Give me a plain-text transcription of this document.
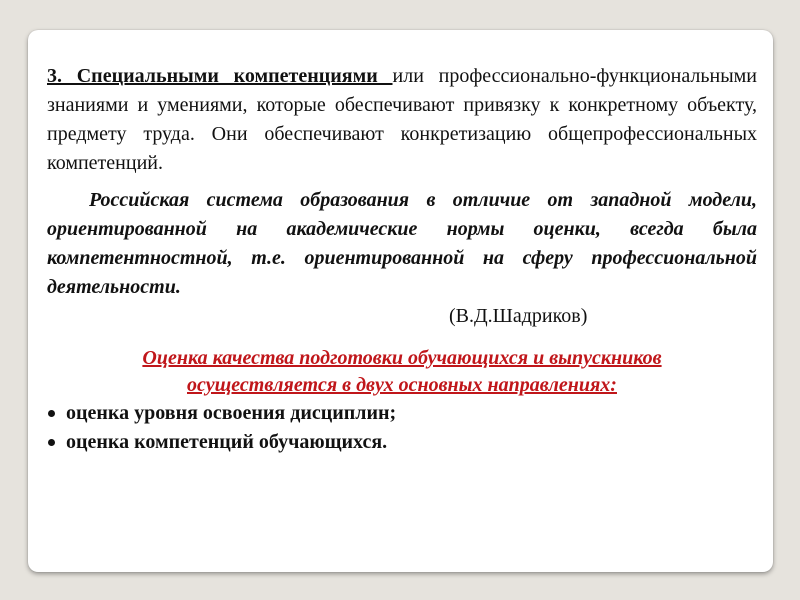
3. Специальными компетенциями или профессионально-функциональными знаниями и умениями, которые обеспечивают привязку к конкретному объекту, предмету труда. Они обеспечивают конкретизацию общепрофессиональных компетенций.

Российская система образования в отличие от западной модели, ориентированной на академические нормы оценки, всегда была компетентностной, т.е. ориентированной на сферу профессиональной деятельности.

(В.Д.Шадриков)

Оценка качества подготовки обучающихся и выпускников
осуществляется в двух основных направлениях:
оценка уровня освоения дисциплин;
оценка компетенций обучающихся.
